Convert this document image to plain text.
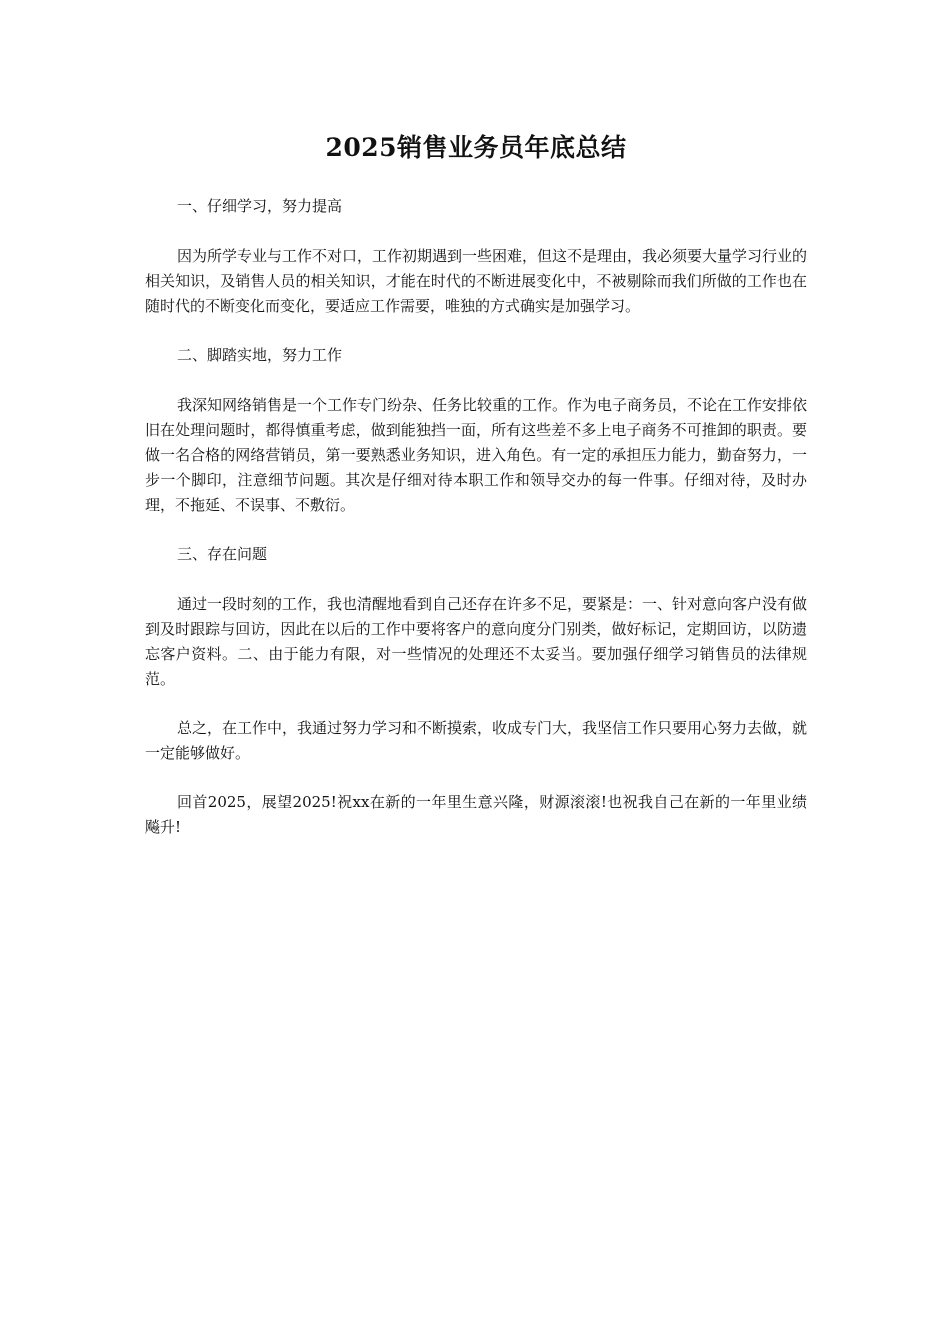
2025销售业务员年底总结

一、仔细学习，努力提高

因为所学专业与工作不对口，工作初期遇到一些困难，但这不是理由，我必须要大量学习行业的相关知识，及销售人员的相关知识，才能在时代的不断进展变化中，不被剔除而我们所做的工作也在随时代的不断变化而变化，要适应工作需要，唯独的方式确实是加强学习。

二、脚踏实地，努力工作

我深知网络销售是一个工作专门纷杂、任务比较重的工作。作为电子商务员，不论在工作安排依旧在处理问题时，都得慎重考虑，做到能独挡一面，所有这些差不多上电子商务不可推卸的职责。要做一名合格的网络营销员，第一要熟悉业务知识，进入角色。有一定的承担压力能力，勤奋努力，一步一个脚印，注意细节问题。其次是仔细对待本职工作和领导交办的每一件事。仔细对待，及时办理，不拖延、不误事、不敷衍。

三、存在问题

通过一段时刻的工作，我也清醒地看到自己还存在许多不足，要紧是：一、针对意向客户没有做到及时跟踪与回访，因此在以后的工作中要将客户的意向度分门别类，做好标记，定期回访，以防遗忘客户资料。二、由于能力有限，对一些情况的处理还不太妥当。要加强仔细学习销售员的法律规范。

总之，在工作中，我通过努力学习和不断摸索，收成专门大，我坚信工作只要用心努力去做，就一定能够做好。

回首2025，展望2025!祝xx在新的一年里生意兴隆，财源滚滚!也祝我自己在新的一年里业绩飚升!
